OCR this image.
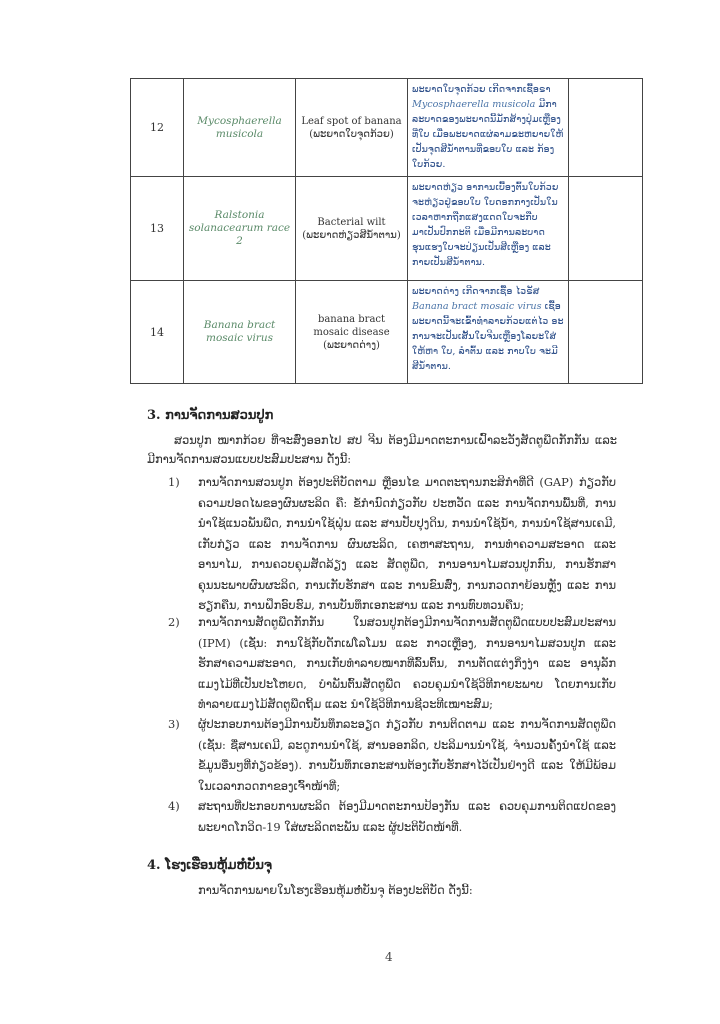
12	Mycosphaerella musicola	Leaf spot of banana (ພະຍາດໃບຈຸດກ້ວຍ)	ພະຍາດໃບຈຸດກ້ວຍ ເກີດຈາກເຊື້ອຣາ Mycosphaerella musicola ມີກາລະບາດຂອງພະຍາດນີ້ມັກສ້າງປຸ່ມເຫຼືອງທີ່ໃບ ເມື່ອພະຍາດແຜ່ລາມຂະຫຍາຍໃຫ້ເປັນຈຸດສີນ້ຳຕານທີ່ຂອບໃບ ແລະ ກ້ອງໃບກ້ວຍ.	

13	Ralstonia solanacearum race 2	Bacterial wilt (ພະຍາດຫ່ຽວສີນ້ຳຕານ)	ພະຍາດຫ່ຽວ ອາການເບື້ອງຕົ້ນໃບກ້ວຍຈະຫ່ຽວຢູ່ຂອບໃບ ໃບດອກກາງເປັນໃນເວລາຫາກຖືກແສງແດດໃບຈະກືບມາເປັນປົກກະຕິ ເມື່ອມີການລະບາດຮຸນແຮງໃບຈະປ່ຽນເປັນສີເຫຼືອງ ແລະ ກາຍເປັນສີນ້ຳຕານ.	

14	Banana bract mosaic virus	banana bract mosaic disease (ພະຍາດດ່າງ)	ພະຍາດດ່າງ ເກີດຈາກເຊື້ອ ໄວຣັສ Banana bract mosaic virus ເຊື້ອພະຍາດນີ້ຈະເຂົ້າທຳລາຍກ້ວຍແຕ່ໄວ ອະການຈະເປັນເສັ້ນໃຍຈີນເຫຼືອງໂລຍະໃສ່ໃຫ້ຫາ ໃບ, ລຳຕົ້ນ ແລະ ກາບໃບ ຈະມີສີນ້ຳຕານ.	
3. ການຈັດການສວນປູກ
ສວນປູກ ໝາກກ້ວຍ ທີ່ຈະສົ່ງອອກໄປ ສປ ຈີນ ຕ້ອງມີມາດຕະການເຝົ້າລະວັງສັດຕູພືດກັກກັນ ແລະ ມີການຈັດການສວນແບບປະສົມປະສານ ດັ່ງນີ້:
1)	ການຈັດການສວນປູກ ຕ້ອງປະຕິບັດຕາມ ຫຼືອນໄຂ ມາດຕະຖານກະສິກຳທີ່ດີ (GAP) ກ່ຽວກັບຄວາມປອດໄພຂອງຜົນຜະລິດ ຄື: ຂໍ້ກຳນົດກ່ຽວກັບ ປະຫວັດ ແລະ ການຈັດການພື້ນທີ່, ການນຳໃຊ້ແນວພັນພືດ, ການນຳໃຊ້ຝຸ່ນ ແລະ ສານປັບປຸງດິນ, ການນຳໃຊ້ນ້ຳ, ການນຳໃຊ້ສານເຄມີ, ເກັບກ່ຽວ ແລະ ການຈັດການ ຜົນຜະລິດ, ເຄຫາສະຖານ, ການທຳຄວາມສະອາດ ແລະ ອານາໄມ, ການຄວບຄຸມສັດລ້ຽງ ແລະ ສັດຕູພືດ, ການອານາໄມສວນປູກກົນ, ການຮັກສາຄຸນນະພາບຜົນຜະລິດ, ການເກັບຮັກສາ ແລະ ການຂົນສົ່ງ, ການກວດກາຍ້ອນຫຼັງ ແລະ ການຮຽກຄືນ, ການຝຶກອົບຮົມ, ການບັນທຶກເອກະສານ ແລະ ການທົບທວນຄືນ;
2)	ການຈັດການສັດຕູພືດກັກກັນ ໃນສວນປູກຕ້ອງມີການຈັດການສັດຕູພືດແບບປະສົມປະສານ (IPM) (ເຊັ່ນ: ການໃຊ້ກັບດັກເຟໂລໂມນ ແລະ ກາວເຫຼືອງ, ການອານາໄມສວນປູກ ແລະ ຮັກສາຄວາມສະອາດ, ການເກັບທຳລາຍໝາກທີ່ລົ້ນຕົ້ນ, ການຕັດແຕ່ງກິ່ງງ່າ ແລະ ອານຸລັກແມງໄມ້ທີ່ເປັນປະໂຫຍດ, ບຳພັນຕົ້ນສັດຕູພືດ ຄວບຄຸມນຳໃຊ້ວິທີກາຍະພາບ ໂດຍການເກັບທຳລາຍແມງໄມ້ສັດຕູພືດຖິ້ມ ແລະ ນຳໃຊ້ວິທີການຊີວະທີເໝາະສົມ;
3)	ຜູ້ປະກອບການຕ້ອງມີການບັນທຶກລະອຽດ ກ່ຽວກັບ ການຕິດຕາມ ແລະ ການຈັດການສັດຕູພືດ (ເຊັ່ນ: ຊື່ສານເຄມີ, ລະດູການນຳໃຊ້, ສານອອກລິດ, ປະລິມານນຳໃຊ້, ຈຳນວນຄັ້ງນຳໃຊ້ ແລະ ຂໍ້ມູນອື່ນໆທີ່ກ່ຽວຂ້ອງ). ການບັນທຶກເອກະສານຕ້ອງເກັບຮັກສາໄວ້ເປັນຢ່າງດີ ແລະ ໃຫ້ມີພ້ອມໃນເວລາກວດກາຂອງເຈົ້າໜ້າທີ່;
4)	ສະຖານທີ່ປະກອບການຜະລິດ ຕ້ອງມີມາດຕະການປ້ອງກັນ ແລະ ຄວບຄຸມການຕິດແປດຂອງພະຍາດໂກວິດ-19 ໃສ່ຜະລິດຕະພັນ ແລະ ຜູ້ປະຕິບັດໜ້າທີ່.
4. ໂຮງເຮືອນຫຸ້ມຫໍ່ບັນຈຸ
ການຈັດການພາຍໃນໂຮງເຮືອນຫຸ້ມຫໍ່ບັນຈຸ ຕ້ອງປະຕິບັດ ດັ່ງນີ້:
4
